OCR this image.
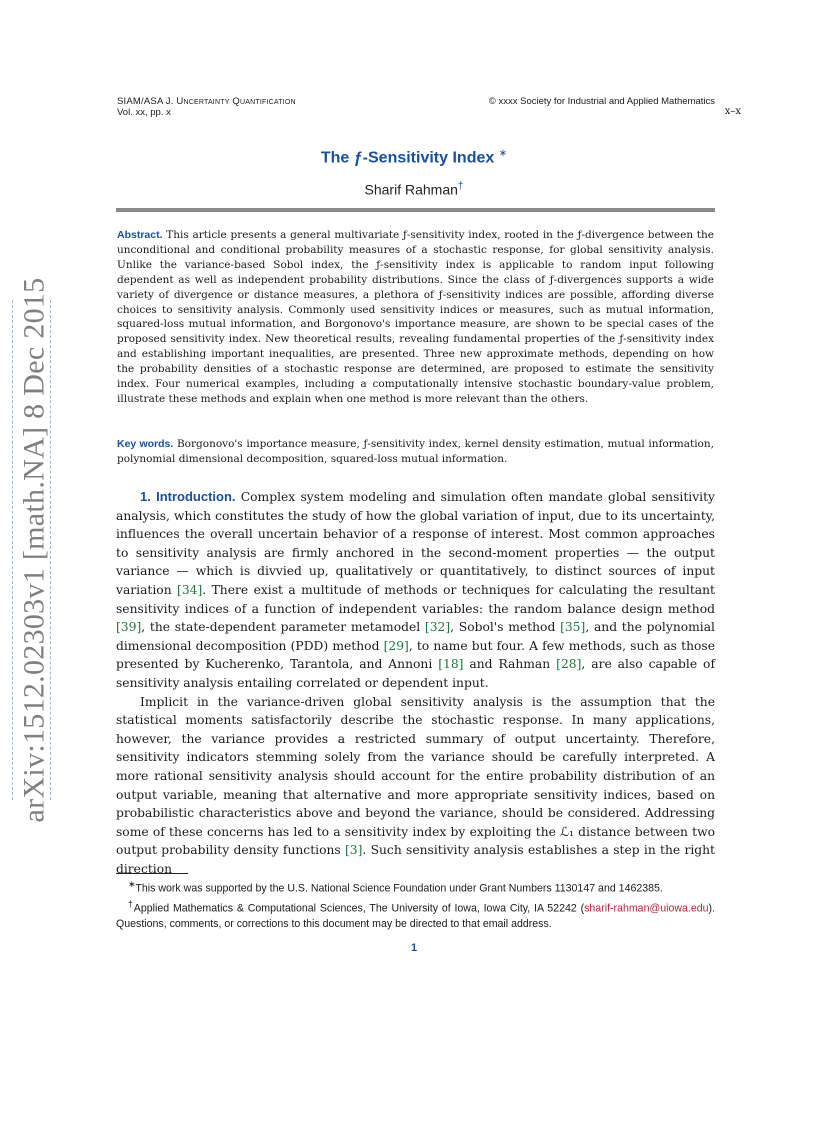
SIAM/ASA J. Uncertainty Quantification
Vol. xx, pp. x
© xxxx Society for Industrial and Applied Mathematics
x–x
arXiv:1512.02303v1 [math.NA] 8 Dec 2015
The ƒ-Sensitivity Index ∗
Sharif Rahman†
Abstract. This article presents a general multivariate ƒ-sensitivity index, rooted in the ƒ-divergence between the unconditional and conditional probability measures of a stochastic response, for global sensitivity analysis. Unlike the variance-based Sobol index, the ƒ-sensitivity index is applicable to random input following dependent as well as independent probability distributions. Since the class of ƒ-divergences supports a wide variety of divergence or distance measures, a plethora of ƒ-sensitivity indices are possible, affording diverse choices to sensitivity analysis. Commonly used sensitivity indices or measures, such as mutual information, squared-loss mutual information, and Borgonovo's importance measure, are shown to be special cases of the proposed sensitivity index. New theoretical results, revealing fundamental properties of the ƒ-sensitivity index and establishing important inequalities, are presented. Three new approximate methods, depending on how the probability densities of a stochastic response are determined, are proposed to estimate the sensitivity index. Four numerical examples, including a computationally intensive stochastic boundary-value problem, illustrate these methods and explain when one method is more relevant than the others.
Key words. Borgonovo's importance measure, ƒ-sensitivity index, kernel density estimation, mutual information, polynomial dimensional decomposition, squared-loss mutual information.

1. Introduction. Complex system modeling and simulation often mandate global sensitivity analysis, which constitutes the study of how the global variation of input, due to its uncertainty, influences the overall uncertain behavior of a response of interest. Most common approaches to sensitivity analysis are firmly anchored in the second-moment properties — the output variance — which is divvied up, qualitatively or quantitatively, to distinct sources of input variation [34]. There exist a multitude of methods or techniques for calculating the resultant sensitivity indices of a function of independent variables: the random balance design method [39], the state-dependent parameter metamodel [32], Sobol's method [35], and the polynomial dimensional decomposition (PDD) method [29], to name but four. A few methods, such as those presented by Kucherenko, Tarantola, and Annoni [18] and Rahman [28], are also capable of sensitivity analysis entailing correlated or dependent input.

Implicit in the variance-driven global sensitivity analysis is the assumption that the statistical moments satisfactorily describe the stochastic response. In many applications, however, the variance provides a restricted summary of output uncertainty. Therefore, sensitivity indicators stemming solely from the variance should be carefully interpreted. A more rational sensitivity analysis should account for the entire probability distribution of an output variable, meaning that alternative and more appropriate sensitivity indices, based on probabilistic characteristics above and beyond the variance, should be considered. Addressing some of these concerns has led to a sensitivity index by exploiting the ℒ₁ distance between two output probability density functions [3]. Such sensitivity analysis establishes a step in the right direction

∗This work was supported by the U.S. National Science Foundation under Grant Numbers 1130147 and 1462385.

†Applied Mathematics & Computational Sciences, The University of Iowa, Iowa City, IA 52242 (sharif-rahman@uiowa.edu). Questions, comments, or corrections to this document may be directed to that email address.

1
